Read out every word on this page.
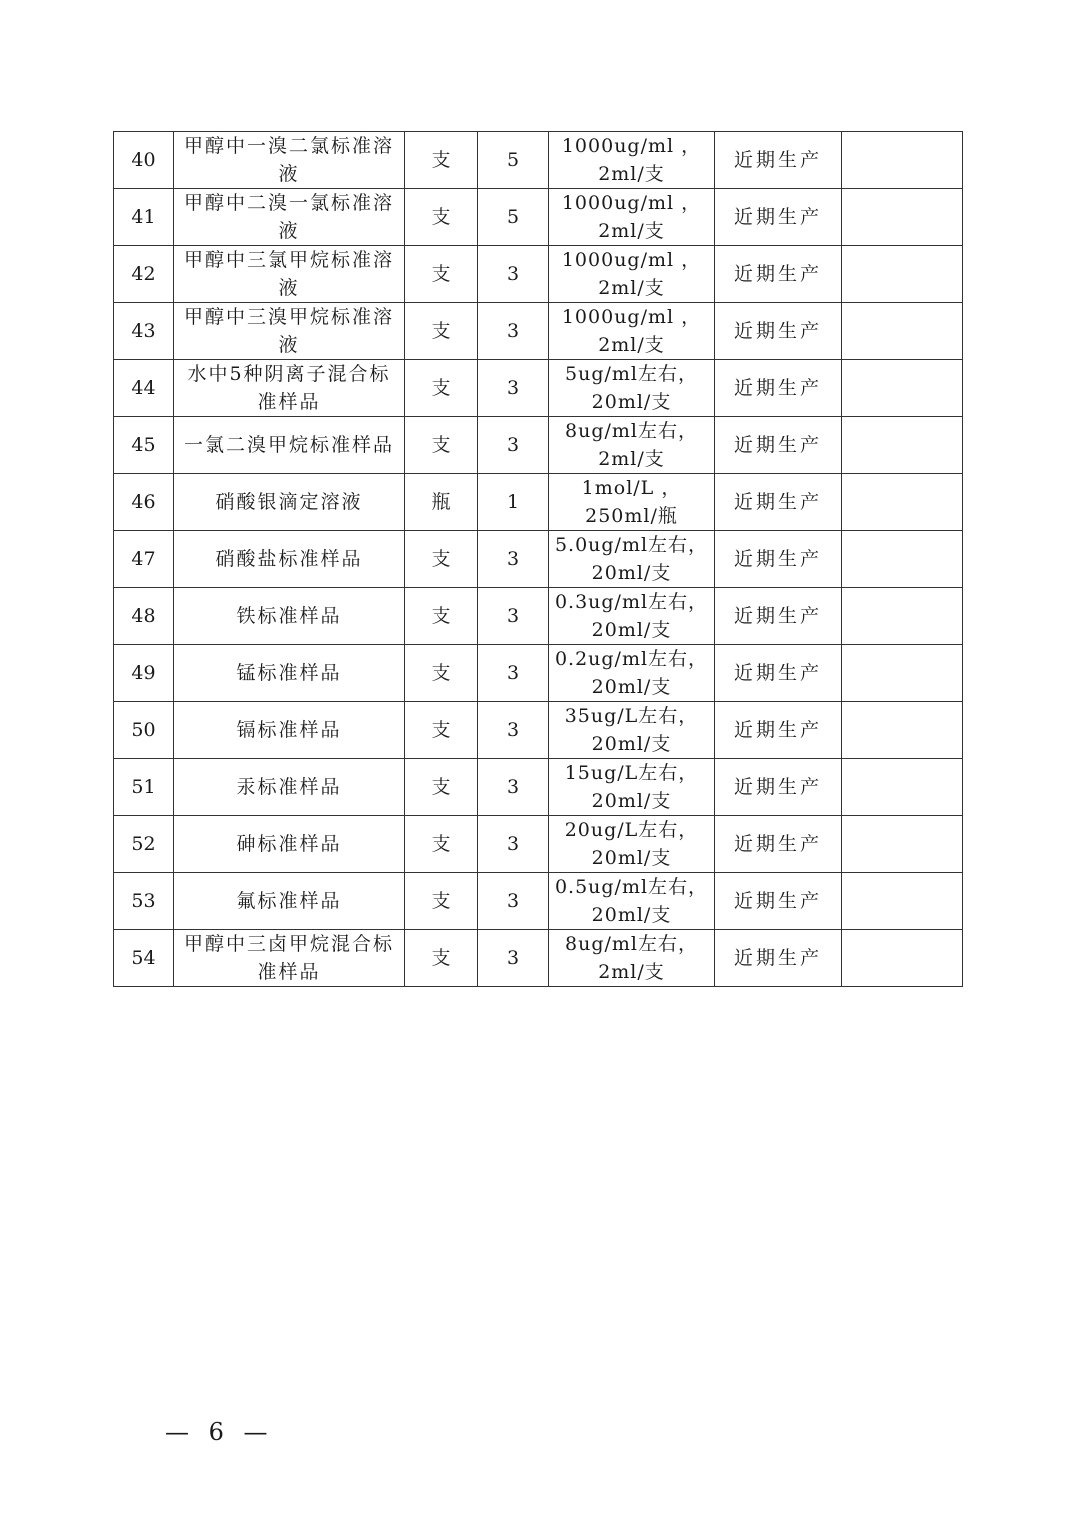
40	甲醇中一溴二氯标准溶液	支	5	1000ug/ml ，2ml/支	近期生产	
41	甲醇中二溴一氯标准溶液	支	5	1000ug/ml ，2ml/支	近期生产	
42	甲醇中三氯甲烷标准溶液	支	3	1000ug/ml ，2ml/支	近期生产	
43	甲醇中三溴甲烷标准溶液	支	3	1000ug/ml ，2ml/支	近期生产	
44	水中5种阴离子混合标准样品	支	3	5ug/ml左右，20ml/支	近期生产	
45	一氯二溴甲烷标准样品	支	3	8ug/ml左右，2ml/支	近期生产	
46	硝酸银滴定溶液	瓶	1	1mol/L ，250ml/瓶	近期生产	
47	硝酸盐标准样品	支	3	5.0ug/ml左右，20ml/支	近期生产	
48	铁标准样品	支	3	0.3ug/ml左右，20ml/支	近期生产	
49	锰标准样品	支	3	0.2ug/ml左右，20ml/支	近期生产	
50	镉标准样品	支	3	35ug/L左右，20ml/支	近期生产	
51	汞标准样品	支	3	15ug/L左右，20ml/支	近期生产	
52	砷标准样品	支	3	20ug/L左右，20ml/支	近期生产	
53	氟标准样品	支	3	0.5ug/ml左右，20ml/支	近期生产	
54	甲醇中三卤甲烷混合标准样品	支	3	8ug/ml左右，2ml/支	近期生产	
— 6 —
